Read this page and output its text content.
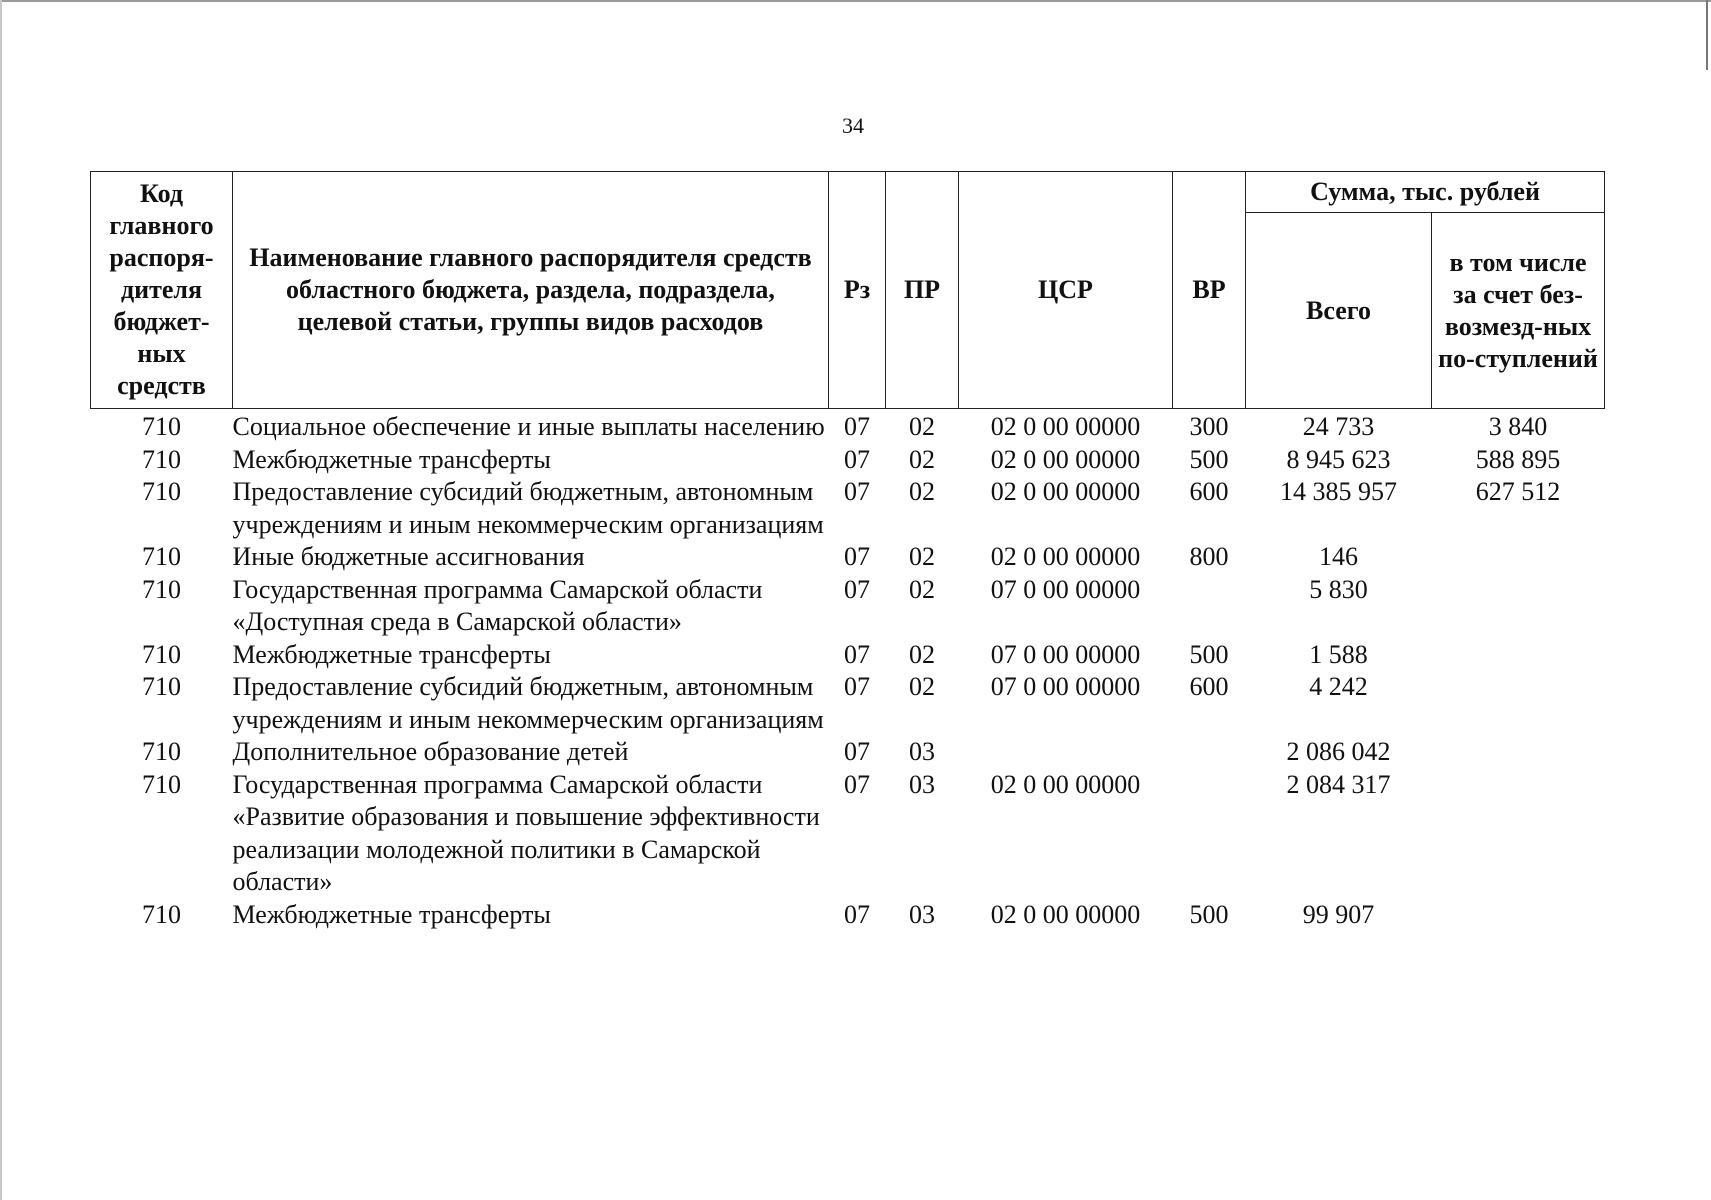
34
Код главного распоря-дителя бюджет-ных средств	Наименование главного распорядителя средств областного бюджета, раздела, подраздела, целевой статьи, группы видов расходов	Рз	ПР	ЦСР	ВР	Сумма, тыс. рублей	
						Всего	в том числе за счет без-возмезд-ных по-ступлений
710	Социальное обеспечение и иные выплаты населению	07	02	02 0 00 00000	300	24 733	3 840
710	Межбюджетные трансферты	07	02	02 0 00 00000	500	8 945 623	588 895
710	Предоставление субсидий бюджетным, автономным учреждениям и иным некоммерческим организациям	07	02	02 0 00 00000	600	14 385 957	627 512
710	Иные бюджетные ассигнования	07	02	02 0 00 00000	800	146	
710	Государственная программа Самарской области «Доступная среда в Самарской области»	07	02	07 0 00 00000		5 830	
710	Межбюджетные трансферты	07	02	07 0 00 00000	500	1 588	
710	Предоставление субсидий бюджетным, автономным учреждениям и иным некоммерческим организациям	07	02	07 0 00 00000	600	4 242	
710	Дополнительное образование детей	07	03			2 086 042	
710	Государственная программа Самарской области «Развитие образования и повышение эффективности реализации молодежной политики в Самарской области»	07	03	02 0 00 00000		2 084 317	
710	Межбюджетные трансферты	07	03	02 0 00 00000	500	99 907	
